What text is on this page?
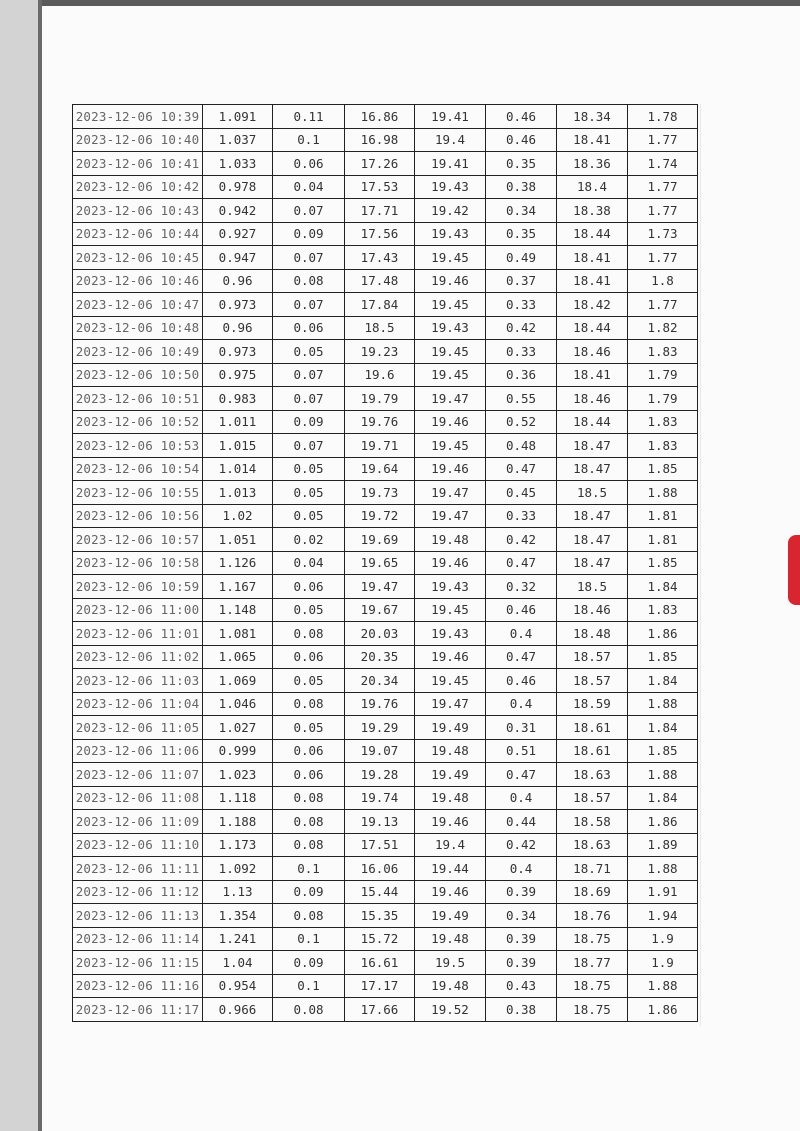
2023-12-06 10:39	1.091	0.11	16.86	19.41	0.46	18.34	1.78
2023-12-06 10:40	1.037	0.1	16.98	19.4	0.46	18.41	1.77
2023-12-06 10:41	1.033	0.06	17.26	19.41	0.35	18.36	1.74
2023-12-06 10:42	0.978	0.04	17.53	19.43	0.38	18.4	1.77
2023-12-06 10:43	0.942	0.07	17.71	19.42	0.34	18.38	1.77
2023-12-06 10:44	0.927	0.09	17.56	19.43	0.35	18.44	1.73
2023-12-06 10:45	0.947	0.07	17.43	19.45	0.49	18.41	1.77
2023-12-06 10:46	0.96	0.08	17.48	19.46	0.37	18.41	1.8
2023-12-06 10:47	0.973	0.07	17.84	19.45	0.33	18.42	1.77
2023-12-06 10:48	0.96	0.06	18.5	19.43	0.42	18.44	1.82
2023-12-06 10:49	0.973	0.05	19.23	19.45	0.33	18.46	1.83
2023-12-06 10:50	0.975	0.07	19.6	19.45	0.36	18.41	1.79
2023-12-06 10:51	0.983	0.07	19.79	19.47	0.55	18.46	1.79
2023-12-06 10:52	1.011	0.09	19.76	19.46	0.52	18.44	1.83
2023-12-06 10:53	1.015	0.07	19.71	19.45	0.48	18.47	1.83
2023-12-06 10:54	1.014	0.05	19.64	19.46	0.47	18.47	1.85
2023-12-06 10:55	1.013	0.05	19.73	19.47	0.45	18.5	1.88
2023-12-06 10:56	1.02	0.05	19.72	19.47	0.33	18.47	1.81
2023-12-06 10:57	1.051	0.02	19.69	19.48	0.42	18.47	1.81
2023-12-06 10:58	1.126	0.04	19.65	19.46	0.47	18.47	1.85
2023-12-06 10:59	1.167	0.06	19.47	19.43	0.32	18.5	1.84
2023-12-06 11:00	1.148	0.05	19.67	19.45	0.46	18.46	1.83
2023-12-06 11:01	1.081	0.08	20.03	19.43	0.4	18.48	1.86
2023-12-06 11:02	1.065	0.06	20.35	19.46	0.47	18.57	1.85
2023-12-06 11:03	1.069	0.05	20.34	19.45	0.46	18.57	1.84
2023-12-06 11:04	1.046	0.08	19.76	19.47	0.4	18.59	1.88
2023-12-06 11:05	1.027	0.05	19.29	19.49	0.31	18.61	1.84
2023-12-06 11:06	0.999	0.06	19.07	19.48	0.51	18.61	1.85
2023-12-06 11:07	1.023	0.06	19.28	19.49	0.47	18.63	1.88
2023-12-06 11:08	1.118	0.08	19.74	19.48	0.4	18.57	1.84
2023-12-06 11:09	1.188	0.08	19.13	19.46	0.44	18.58	1.86
2023-12-06 11:10	1.173	0.08	17.51	19.4	0.42	18.63	1.89
2023-12-06 11:11	1.092	0.1	16.06	19.44	0.4	18.71	1.88
2023-12-06 11:12	1.13	0.09	15.44	19.46	0.39	18.69	1.91
2023-12-06 11:13	1.354	0.08	15.35	19.49	0.34	18.76	1.94
2023-12-06 11:14	1.241	0.1	15.72	19.48	0.39	18.75	1.9
2023-12-06 11:15	1.04	0.09	16.61	19.5	0.39	18.77	1.9
2023-12-06 11:16	0.954	0.1	17.17	19.48	0.43	18.75	1.88
2023-12-06 11:17	0.966	0.08	17.66	19.52	0.38	18.75	1.86
